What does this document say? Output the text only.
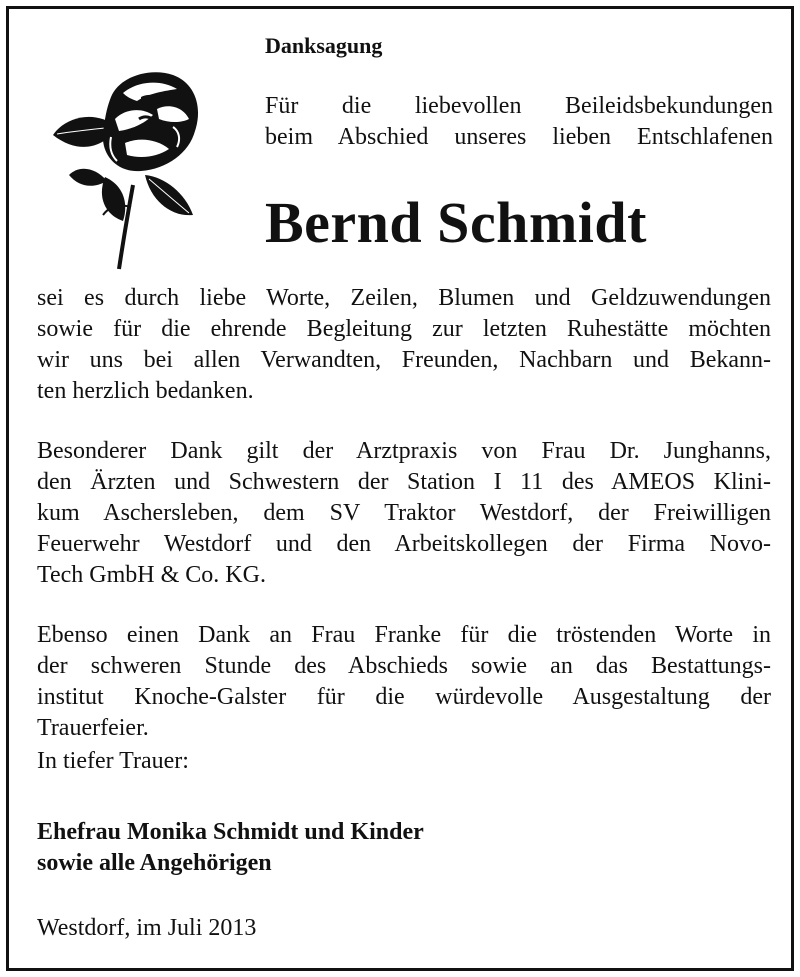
Danksagung

Für die liebevollen Beileidsbekundungen
beim Abschied unseres lieben Entschlafenen

Bernd Schmidt

sei es durch liebe Worte, Zeilen, Blumen und Geldzuwendungen
sowie für die ehrende Begleitung zur letzten Ruhestätte möchten
wir uns bei allen Verwandten, Freunden, Nachbarn und Bekann-
ten herzlich bedanken.

Besonderer Dank gilt der Arztpraxis von Frau Dr. Junghanns,
den Ärzten und Schwestern der Station I 11 des AMEOS Klini-
kum Aschersleben, dem SV Traktor Westdorf, der Freiwilligen
Feuerwehr Westdorf und den Arbeitskollegen der Firma Novo-
Tech GmbH & Co. KG.

Ebenso einen Dank an Frau Franke für die tröstenden Worte in
der schweren Stunde des Abschieds sowie an das Bestattungs-
institut Knoche-Galster für die würdevolle Ausgestaltung der
Trauerfeier.

In tiefer Trauer:

Ehefrau Monika Schmidt und Kinder

sowie alle Angehörigen

Westdorf, im Juli 2013
